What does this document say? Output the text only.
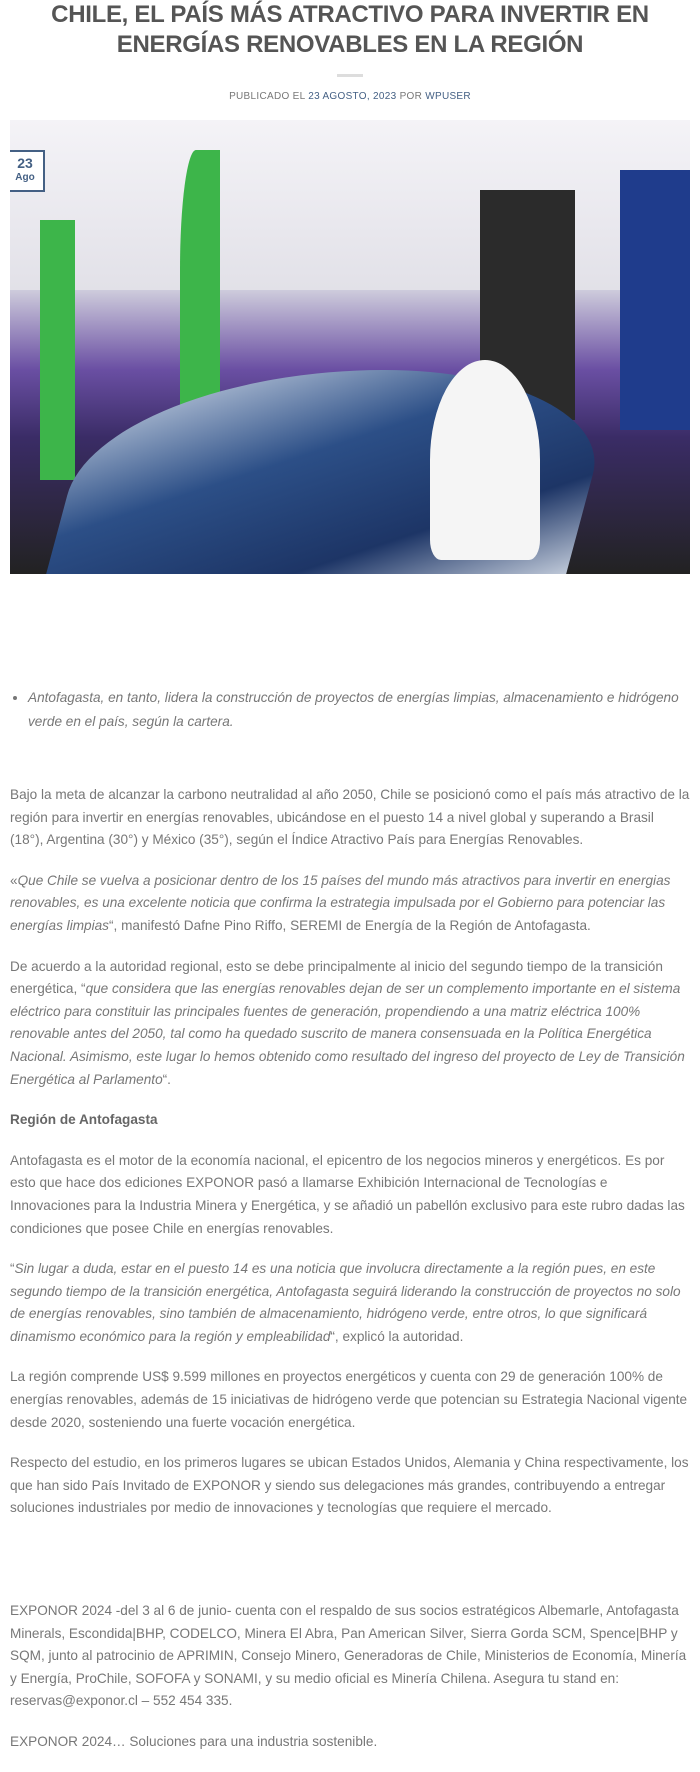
CHILE, EL PAÍS MÁS ATRACTIVO PARA INVERTIR EN ENERGÍAS RENOVABLES EN LA REGIÓN
PUBLICADO EL 23 AGOSTO, 2023 POR WPUSER
23
Ago
• Antofagasta, en tanto, lidera la construcción de proyectos de energías limpias, almacenamiento e hidrógeno verde en el país, según la cartera.

Bajo la meta de alcanzar la carbono neutralidad al año 2050, Chile se posicionó como el país más atractivo de la región para invertir en energías renovables, ubicándose en el puesto 14 a nivel global y superando a Brasil (18°), Argentina (30°) y México (35°), según el Índice Atractivo País para Energías Renovables.

«Que Chile se vuelva a posicionar dentro de los 15 países del mundo más atractivos para invertir en energias renovables, es una excelente noticia que confirma la estrategia impulsada por el Gobierno para potenciar las energías limpias“, manifestó Dafne Pino Riffo, SEREMI de Energía de la Región de Antofagasta.

De acuerdo a la autoridad regional, esto se debe principalmente al inicio del segundo tiempo de la transición energética, “que considera que las energías renovables dejan de ser un complemento importante en el sistema eléctrico para constituir las principales fuentes de generación, propendiendo a una matriz eléctrica 100% renovable antes del 2050, tal como ha quedado suscrito de manera consensuada en la Política Energética Nacional. Asimismo, este lugar lo hemos obtenido como resultado del ingreso del proyecto de Ley de Transición Energética al Parlamento“.

Región de Antofagasta

Antofagasta es el motor de la economía nacional, el epicentro de los negocios mineros y energéticos. Es por esto que hace dos ediciones EXPONOR pasó a llamarse Exhibición Internacional de Tecnologías e Innovaciones para la Industria Minera y Energética, y se añadió un pabellón exclusivo para este rubro dadas las condiciones que posee Chile en energías renovables.

“Sin lugar a duda, estar en el puesto 14 es una noticia que involucra directamente a la región pues, en este segundo tiempo de la transición energética, Antofagasta seguirá liderando la construcción de proyectos no solo de energías renovables, sino también de almacenamiento, hidrógeno verde, entre otros, lo que significará dinamismo económico para la región y empleabilidad“, explicó la autoridad.

La región comprende US$ 9.599 millones en proyectos energéticos y cuenta con 29 de generación 100% de energías renovables, además de 15 iniciativas de hidrógeno verde que potencian su Estrategia Nacional vigente desde 2020, sosteniendo una fuerte vocación energética.

Respecto del estudio, en los primeros lugares se ubican Estados Unidos, Alemania y China respectivamente, los que han sido País Invitado de EXPONOR y siendo sus delegaciones más grandes, contribuyendo a entregar soluciones industriales por medio de innovaciones y tecnologías que requiere el mercado.

EXPONOR 2024 -del 3 al 6 de junio- cuenta con el respaldo de sus socios estratégicos Albemarle, Antofagasta Minerals, Escondida|BHP, CODELCO, Minera El Abra, Pan American Silver, Sierra Gorda SCM, Spence|BHP y SQM, junto al patrocinio de APRIMIN, Consejo Minero, Generadoras de Chile, Ministerios de Economía, Minería y Energía, ProChile, SOFOFA y SONAMI, y su medio oficial es Minería Chilena. Asegura tu stand en: reservas@exponor.cl – 552 454 335.

EXPONOR 2024… Soluciones para una industria sostenible.
